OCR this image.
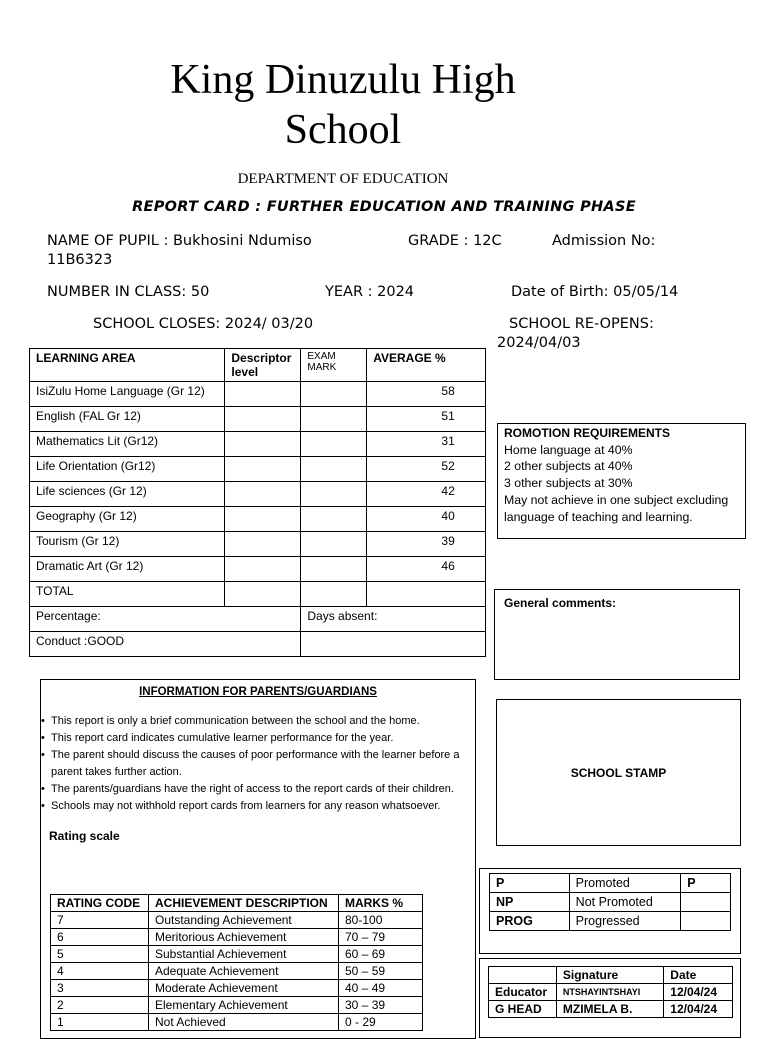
King Dinuzulu High School
DEPARTMENT OF EDUCATION
REPORT CARD : FURTHER EDUCATION AND TRAINING PHASE
NAME OF PUPIL : Bukhosini Ndumiso	GRADE : 12C	Admission No:
11B6323
NUMBER IN CLASS: 50	YEAR : 2024	Date of Birth: 05/05/14
SCHOOL CLOSES: 2024/ 03/20	SCHOOL RE-OPENS:
2024/04/03
LEARNING AREA	Descriptor level	EXAM MARK	AVERAGE %
IsiZulu Home Language (Gr 12)			58
English (FAL Gr 12)			51
Mathematics Lit (Gr12)			31
Life Orientation (Gr12)			52
Life sciences (Gr 12)			42
Geography (Gr 12)			40
Tourism (Gr 12)			39
Dramatic Art (Gr 12)			46
TOTAL			
Percentage:		Days absent:	
Conduct :GOOD			
ROMOTION REQUIREMENTS
Home language at 40%
2 other subjects at 40%
3 other subjects at 30%
May not achieve in one subject excluding language of teaching and learning.
General comments:
SCHOOL STAMP
INFORMATION FOR PARENTS/GUARDIANS
• This report is only a brief communication between the school and the home.
• This report card indicates cumulative learner performance for the year.
• The parent should discuss the causes of poor performance with the learner before a parent takes further action.
• The parents/guardians have the right of access to the report cards of their children.
• Schools may not withhold report cards from learners for any reason whatsoever.
Rating scale
RATING CODE	ACHIEVEMENT DESCRIPTION	MARKS %
7	Outstanding Achievement	80-100
6	Meritorious Achievement	70 – 79
5	Substantial Achievement	60 – 69
4	Adequate Achievement	50 – 59
3	Moderate Achievement	40 – 49
2	Elementary Achievement	30 – 39
1	Not Achieved	0 - 29
P	Promoted	P
NP	Not Promoted	
PROG	Progressed	
	Signature	Date
Educator	NTSHAYINTSHAYI	12/04/24
G HEAD	MZIMELA B.	12/04/24
